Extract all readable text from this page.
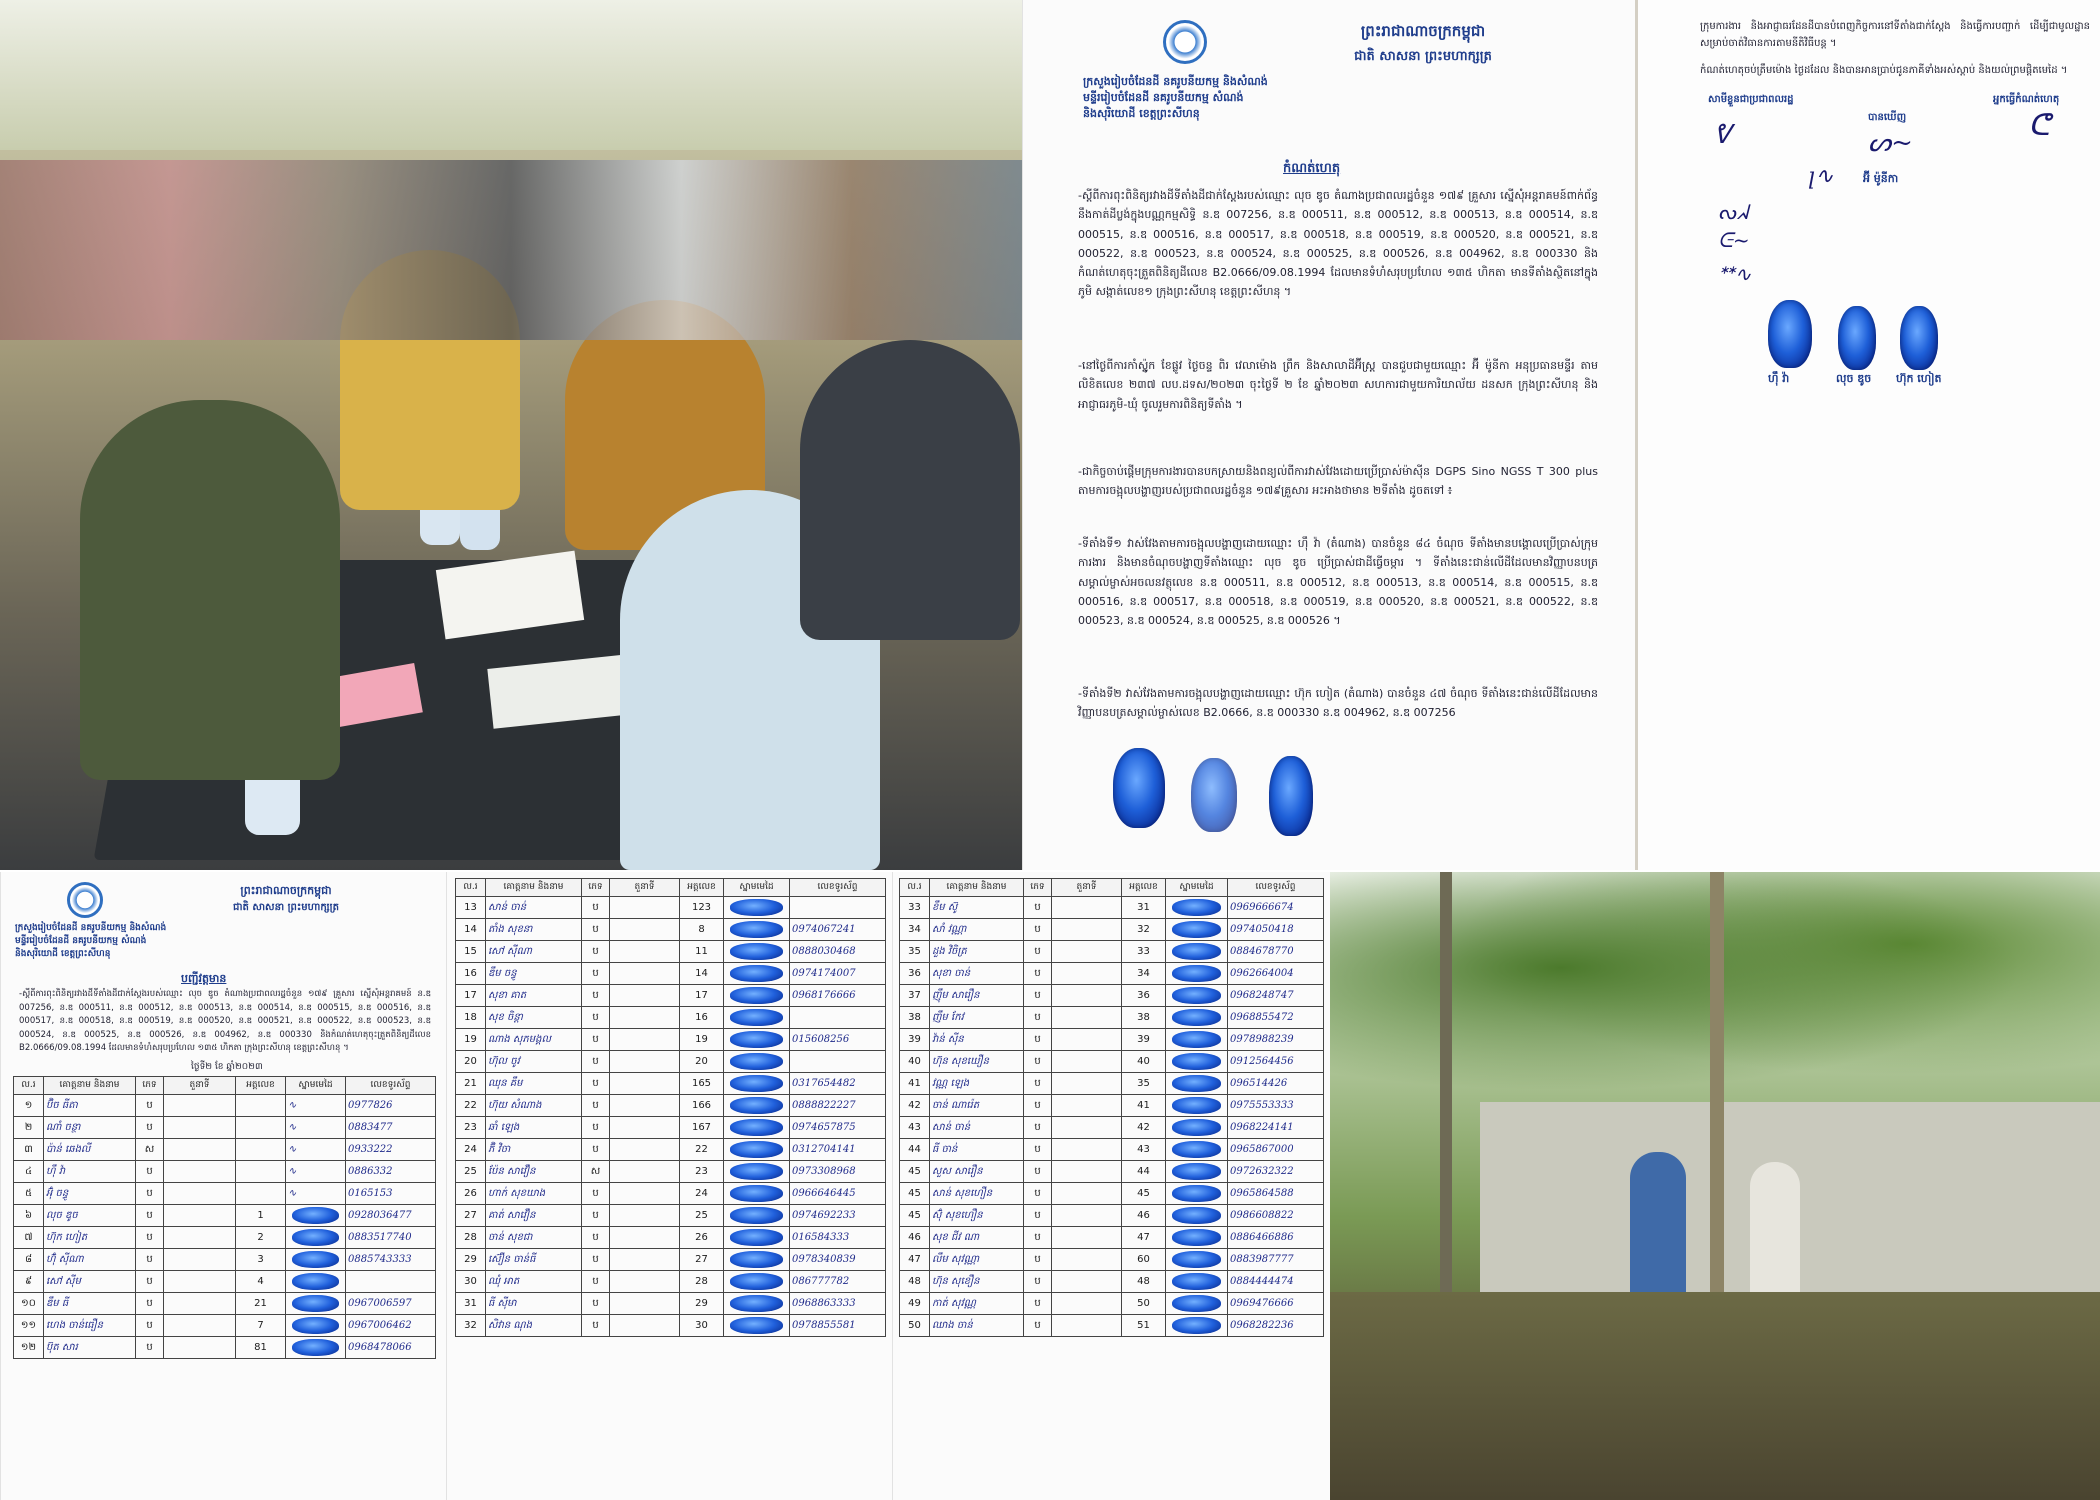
ព្រះរាជាណាចក្រកម្ពុជា
ជាតិ សាសនា ព្រះមហាក្សត្រ
ក្រសួងរៀបចំដែនដី នគរូបនីយកម្ម និងសំណង់
មន្ទីររៀបចំដែនដី នគរូបនីយកម្ម សំណង់
និងសុរិយោដី ខេត្តព្រះសីហនុ
កំណត់ហេតុ
-ស្ដីពីការពុះពិនិត្យរវាងដីទីតាំងដីជាក់ស្ដែងរបស់ឈ្មោះ លុច ឌូច តំណាងប្រជាពលរដ្ឋចំនួន ១៧៩ គ្រួសារ ស្នើសុំអន្តរាគមន៍ពាក់ព័ន្ធនឹងកាត់ដីប្លង់ក្នុងបណ្ណកម្មសិទ្ធិ ន.ឌ 007256, ន.ឌ 000511, ន.ឌ 000512, ន.ឌ 000513, ន.ឌ 000514, ន.ឌ 000515, ន.ឌ 000516, ន.ឌ 000517, ន.ឌ 000518, ន.ឌ 000519, ន.ឌ 000520, ន.ឌ 000521, ន.ឌ 000522, ន.ឌ 000523, ន.ឌ 000524, ន.ឌ 000525, ន.ឌ 000526, ន.ឌ 004962, ន.ឌ 000330 និង កំណត់ហេតុចុះត្រួតពិនិត្យដីលេខ B2.0666/09.08.1994 ដែលមានទំហំសរុបប្រហែល ១៣៥ ហិកតា មានទីតាំងស្ថិតនៅក្នុងភូមិ សង្កាត់លេខ១ ក្រុងព្រះសីហនុ ខេត្តព្រះសីហនុ ។
-នៅថ្ងៃពីការកាំស្ដ៉ូក ខែផ្លូវ ថ្ងៃចន្ទ ពិរ វេលាម៉ោង ព្រឹក និងសាលាដីអ៊ីស្ត្រ បានជួបជាមួយឈ្មោះ អ៊ី ម៉ូនីកា អនុប្រធានមន្ទីរ តាមលិខិតលេខ ២៣៧ លប.ដទស/២០២៣ ចុះថ្ងៃទី ២ ខែ ឆ្នាំ២០២៣ សហការជាមួយការិយាល័យ ដនសក ក្រុងព្រះសីហនុ និងអាជ្ញាធរភូមិ-ឃុំ ចូលរួមការពិនិត្យទីតាំង ។
-ជាកិច្ចចាប់ផ្ដើមក្រុមការងារបានបកស្រាយនិងពន្យល់ពីការវាស់វែងដោយប្រើប្រាស់ម៉ាស៊ីន DGPS Sino NGSS T 300 plus តាមការចង្អុលបង្ហាញរបស់ប្រជាពលរដ្ឋចំនួន ១៧៩គ្រួសារ អះអាងថាមាន ២ទីតាំង ដូចតទៅ ៖
-ទីតាំងទី១ វាស់វែងតាមការចង្អុលបង្ហាញដោយឈ្មោះ ហ៊ឹ វ៉ា (តំណាង) បានចំនួន ៨៤ ចំណុច ទីតាំងមានបង្គោលប្រើប្រាស់ក្រុមការងារ និងមានចំណុចបង្ហាញទីតាំងឈ្មោះ លុច ឌូច ប្រើប្រាស់ជាដីធ្វើចម្ការ ។ ទីតាំងនេះជាន់លើដីដែលមានវិញ្ញាបនបត្រសម្គាល់ម្ចាស់អចលនវត្ថុលេខ ន.ឌ 000511, ន.ឌ 000512, ន.ឌ 000513, ន.ឌ 000514, ន.ឌ 000515, ន.ឌ 000516, ន.ឌ 000517, ន.ឌ 000518, ន.ឌ 000519, ន.ឌ 000520, ន.ឌ 000521, ន.ឌ 000522, ន.ឌ 000523, ន.ឌ 000524, ន.ឌ 000525, ន.ឌ 000526 ។
-ទីតាំងទី២ វាស់វែងតាមការចង្អុលបង្ហាញដោយឈ្មោះ ហ៊ុក ហៀត (តំណាង) បានចំនួន ៤៧ ចំណុច ទីតាំងនេះជាន់លើដីដែលមានវិញ្ញាបនបត្រសម្គាល់ម្ចាស់លេខ B2.0666, ន.ឌ 000330 ន.ឌ 004962, ន.ឌ 007256
ក្រុមការងារ និងអាជ្ញាធរដែនដីបានបំពេញកិច្ចការនៅទីតាំងជាក់ស្ដែង និងធ្វើការបញ្ជាក់ ដើម្បីជាមូលដ្ឋានសម្រាប់ចាត់វិធានការតាមនីតិវិធីបន្ត ។
កំណត់ហេតុចប់ត្រឹមម៉ោង ថ្ងៃដដែល និងបានអានប្រាប់ជូនភាគីទាំងអស់ស្ដាប់ និងយល់ព្រមផ្ដិតមេដៃ ។
សាមីខ្លួនជាប្រជាពលរដ្ឋ
បានឃើញ
អ្នកធ្វើកំណត់ហេតុ
ᕓ	ᔕ~	ᕦ
ꞁ∿	អ៊ី ម៉ូនីកា
ᔓᖽ
ᕮ~
ᕯ∿
ហ៊ឹ វ៉ា	លុច ឌូច ហ៊ុក ហៀត
ព្រះរាជាណាចក្រកម្ពុជា
ជាតិ សាសនា ព្រះមហាក្សត្រ
ក្រសួងរៀបចំដែនដី នគរូបនីយកម្ម និងសំណង់
មន្ទីររៀបចំដែនដី នគរូបនីយកម្ម សំណង់
និងសុរិយោដី ខេត្តព្រះសីហនុ
បញ្ជីវត្តមាន
-ស្ដីពីការពុះពិនិត្យរវាងដីទីតាំងដីជាក់ស្ដែងរបស់ឈ្មោះ លុច ឌូច តំណាងប្រជាពលរដ្ឋចំនួន ១៧៩ គ្រួសារ ស្នើសុំអន្តរាគមន៍ ន.ឌ 007256, ន.ឌ 000511, ន.ឌ 000512, ន.ឌ 000513, ន.ឌ 000514, ន.ឌ 000515, ន.ឌ 000516, ន.ឌ 000517, ន.ឌ 000518, ន.ឌ 000519, ន.ឌ 000520, ន.ឌ 000521, ន.ឌ 000522, ន.ឌ 000523, ន.ឌ 000524, ន.ឌ 000525, ន.ឌ 000526, ន.ឌ 004962, ន.ឌ 000330 និងកំណត់ហេតុចុះត្រួតពិនិត្យដីលេខ B2.0666/09.08.1994 ដែលមានទំហំសរុបប្រហែល ១៣៥ ហិកតា ក្រុងព្រះសីហនុ ខេត្តព្រះសីហនុ ។
ថ្ងៃទី២ ខែ ឆ្នាំ២០២៣
ល.រ	គោត្តនាម និងនាម	ភេទ	តួនាទី	អត្តលេខ	ស្នាមមេដៃ	លេខទូរស័ព្ទ
១	ប៊ិច ធីតា	ប			∿	0977826
២	ណាំ ចន្ថា	ប			∿	0883477
៣	ប៉ាន់ ឆេងលី	ស			∿	0933222
៤	ហ៊ឹ វ៉ា	ប			∿	0886332
៥	អ៊ុំ ចន្ធូ	ប			∿	0165153
៦	លុច ឌូច	ប		1		0928036477
៧	ហ៊ុក ហៀត	ប		2		0883517740
៨	ហ៊ុំ ស៊ីណា	ប		3		0885743333
៩	សៅ ស៊ីម	ប		4		
១០	ឌឹម ធី	ប		21		0967006597
១១	ហេង ចាន់ធឿន	ប		7		0967006462
១២	ប៊ុត សារ	ប		81		0968478066
ល.រ	គោត្តនាម និងនាម	ភេទ	តួនាទី	អត្តលេខ	ស្នាមមេដៃ	លេខទូរស័ព្ទ
13	សាន់ ចាន់	ប		123		
14	តាំង សុខនា	ប		8		0974067241
15	សៅ ស៊ីណា	ប		11		0888030468
16	ឌឹម ចន្ធូ	ប		14		0974174007
17	សុខា គាត	ប		17		0968176666
18	សុខ ចិន្តា	ប		16		
19	ណាង សុភមង្គល	ប		19		015608256
20	ហ៊ុល ចូវ	ប		20		
21	ឈុន គឹម	ប		165		0317654482
22	ហ៊ុយ សំណាង	ប		166		0888822227
23	ឆាំ ឡេង	ប		167		0974657875
24	ភ៊ិ វិចា	ប		22		0312704141
25	ប៉ែន សាវឿន	ស		23		0973308968
26	ហាក់ សុខឃាង	ប		24		0966646445
27	គាត់ សាវឿន	ប		25		0974692233
28	ចាន់ សុខជា	ប		26		016584333
29	ស៊ឿន ចាន់ធី	ប		27		0978340839
30	ឈុំ អាត	ប		28		086777782
31	ធី ស៊ីមា	ប		29		0968863333
32	សិវាន ណុង	ប		30		0978855581
ល.រ	គោត្តនាម និងនាម	ភេទ	តួនាទី	អត្តលេខ	ស្នាមមេដៃ	លេខទូរស័ព្ទ
33	ខឹម ស៊ូ	ប		31		0969666674
34	សាំ វណ្ណា	ប		32		0974050418
35	ដួង វិចិត្រ	ប		33		0884678770
36	សុខា ចាន់	ប		34		0962664004
37	ញ៉ឹម សារឿន	ប		36		0968248747
38	ញឹម កែវ	ប		38		0968855472
39	វ៉ាន់ ស៊ីន	ប		39		0978988239
40	ហ៊ុន សុខឃឿន	ប		40		0912564456
41	វណ្ណ ឡេង	ប		35		096514426
42	ចាន់ ណារ៉េត	ប		41		0975553333
43	សាន់ ចាន់	ប		42		0968224141
44	ធី ចាន់	ប		43		0965867000
45	សួស សារឿន	ប		44		0972632322
45	សាន់ សុខហឿន	ប		45		0965864588
45	ស៊ុំ សុខហឿន	ប		46		0986608822
46	សុខ ជីវ ណា	ប		47		0886466886
47	លឹម សុវណ្ណា	ប		60		0883987777
48	ហ៊ុន សុខឿន	ប		48		0884444474
49	កាត់ សុវណ្ណ	ប		50		0969476666
50	ឈាង ចាន់	ប		51		0968282236
